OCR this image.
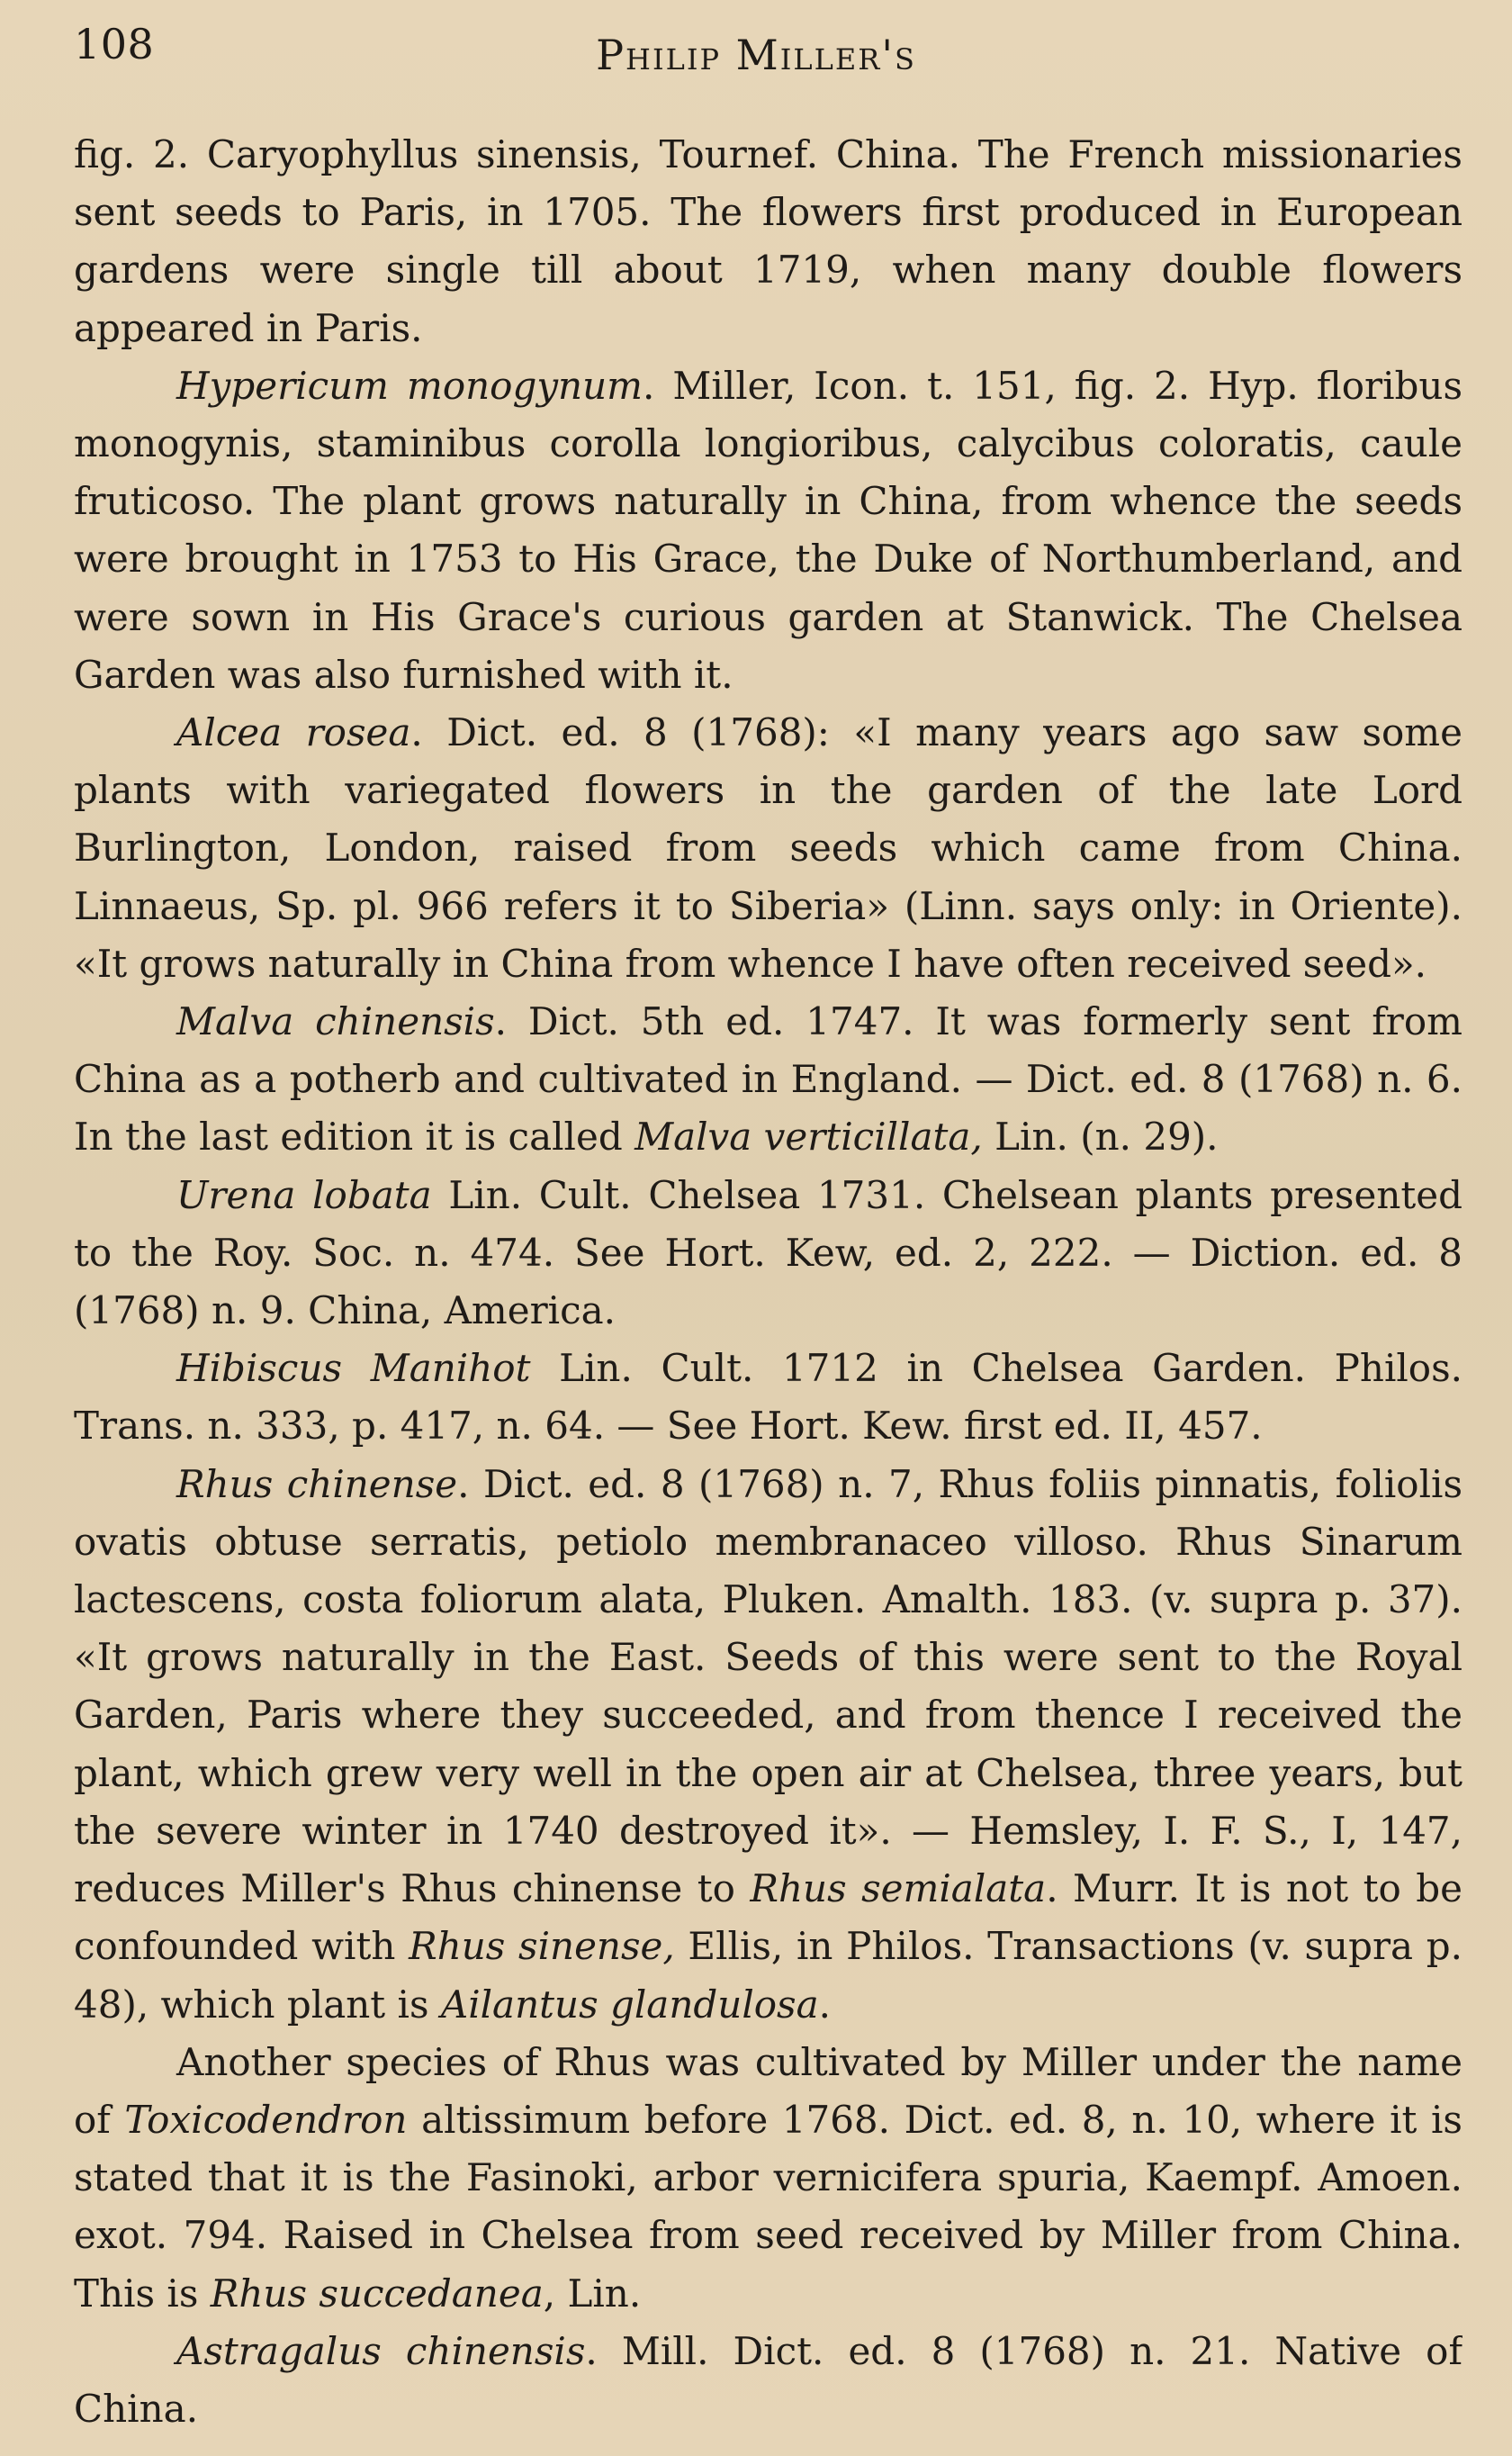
108	Philip Miller's

fig. 2. Caryophyllus sinensis, Tournef. China. The French missionaries sent seeds to Paris, in 1705. The flowers first produced in European gardens were single till about 1719, when many double flowers appeared in Paris.

Hypericum monogynum. Miller, Icon. t. 151, fig. 2. Hyp. floribus monogynis, staminibus corolla longioribus, calycibus coloratis, caule fruticoso. The plant grows naturally in China, from whence the seeds were brought in 1753 to His Grace, the Duke of Northumberland, and were sown in His Grace's curious garden at Stanwick. The Chelsea Garden was also furnished with it.

Alcea rosea. Dict. ed. 8 (1768): «I many years ago saw some plants with variegated flowers in the garden of the late Lord Burlington, London, raised from seeds which came from China. Linnaeus, Sp. pl. 966 refers it to Siberia» (Linn. says only: in Oriente). «It grows naturally in China from whence I have often received seed».

Malva chinensis. Dict. 5th ed. 1747. It was formerly sent from China as a potherb and cultivated in England. — Dict. ed. 8 (1768) n. 6. In the last edition it is called Malva verticillata, Lin. (n. 29).

Urena lobata Lin. Cult. Chelsea 1731. Chelsean plants presented to the Roy. Soc. n. 474. See Hort. Kew, ed. 2, 222. — Diction. ed. 8 (1768) n. 9. China, America.

Hibiscus Manihot Lin. Cult. 1712 in Chelsea Garden. Philos. Trans. n. 333, p. 417, n. 64. — See Hort. Kew. first ed. II, 457.

Rhus chinense. Dict. ed. 8 (1768) n. 7, Rhus foliis pinnatis, foliolis ovatis obtuse serratis, petiolo membranaceo villoso. Rhus Sinarum lactescens, costa foliorum alata, Pluken. Amalth. 183. (v. supra p. 37). «It grows naturally in the East. Seeds of this were sent to the Royal Garden, Paris where they succeeded, and from thence I received the plant, which grew very well in the open air at Chelsea, three years, but the severe winter in 1740 destroyed it». — Hemsley, I. F. S., I, 147, reduces Miller's Rhus chinense to Rhus semialata. Murr. It is not to be confounded with Rhus sinense, Ellis, in Philos. Transactions (v. supra p. 48), which plant is Ailantus glandulosa.

Another species of Rhus was cultivated by Miller under the name of Toxicodendron altissimum before 1768. Dict. ed. 8, n. 10, where it is stated that it is the Fasinoki, arbor vernicifera spuria, Kaempf. Amoen. exot. 794. Raised in Chelsea from seed received by Miller from China. This is Rhus succedanea, Lin.

Astragalus chinensis. Mill. Dict. ed. 8 (1768) n. 21. Native of China.
